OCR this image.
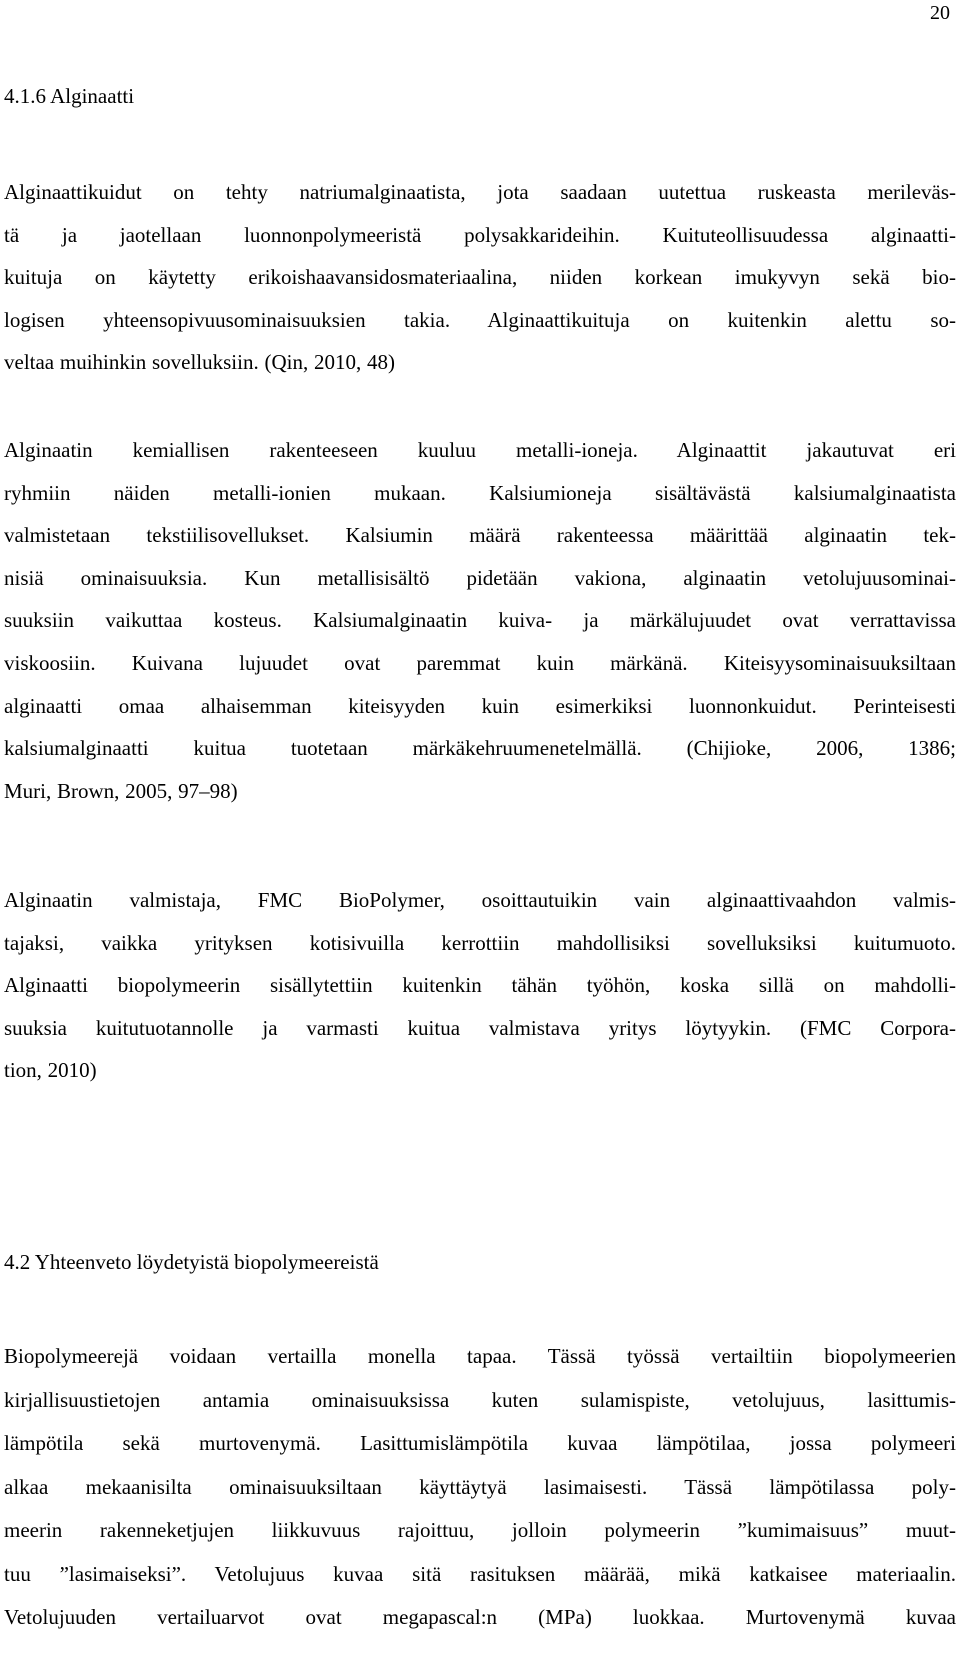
20
4.1.6 Alginaatti

Alginaattikuidut on tehty natriumalginaatista, jota saadaan uutettua ruskeasta merileväs-
tä ja jaotellaan luonnonpolymeeristä polysakkarideihin. Kuituteollisuudessa alginaatti-
kuituja on käytetty erikoishaavansidosmateriaalina, niiden korkean imukyvyn sekä bio-
logisen yhteensopivuusominaisuuksien takia. Alginaattikuituja on kuitenkin alettu so-
veltaa muihinkin sovelluksiin. (Qin, 2010, 48)

Alginaatin kemiallisen rakenteeseen kuuluu metalli-ioneja. Alginaattit jakautuvat eri
ryhmiin näiden metalli-ionien mukaan. Kalsiumioneja sisältävästä kalsiumalginaatista
valmistetaan tekstiilisovellukset. Kalsiumin määrä rakenteessa määrittää alginaatin tek-
nisiä ominaisuuksia. Kun metallisisältö pidetään vakiona, alginaatin vetolujuusominai-
suuksiin vaikuttaa kosteus. Kalsiumalginaatin kuiva- ja märkälujuudet ovat verrattavissa
viskoosiin. Kuivana lujuudet ovat paremmat kuin märkänä. Kiteisyysominaisuuksiltaan
alginaatti omaa alhaisemman kiteisyyden kuin esimerkiksi luonnonkuidut. Perinteisesti
kalsiumalginaatti kuitua tuotetaan märkäkehruumenetelmällä. (Chijioke, 2006, 1386;
Muri, Brown, 2005, 97–98)

Alginaatin valmistaja, FMC BioPolymer, osoittautuikin vain alginaattivaahdon valmis-
tajaksi, vaikka yrityksen kotisivuilla kerrottiin mahdollisiksi sovelluksiksi kuitumuoto.
Alginaatti biopolymeerin sisällytettiin kuitenkin tähän työhön, koska sillä on mahdolli-
suuksia kuitutuotannolle ja varmasti kuitua valmistava yritys löytyykin. (FMC Corpora-
tion, 2010)

4.2 Yhteenveto löydetyistä biopolymeereistä

Biopolymeerejä voidaan vertailla monella tapaa. Tässä työssä vertailtiin biopolymeerien
kirjallisuustietojen antamia ominaisuuksissa kuten sulamispiste, vetolujuus, lasittumis-
lämpötila sekä murtovenymä. Lasittumislämpötila kuvaa lämpötilaa, jossa polymeeri
alkaa mekaanisilta ominaisuuksiltaan käyttäytyä lasimaisesti. Tässä lämpötilassa poly-
meerin rakenneketjujen liikkuvuus rajoittuu, jolloin polymeerin ”kumimaisuus” muut-
tuu ”lasimaiseksi”. Vetolujuus kuvaa sitä rasituksen määrää, mikä katkaisee materiaalin.
Vetolujuuden vertailuarvot ovat megapascal:n (MPa) luokkaa. Murtovenymä kuvaa
